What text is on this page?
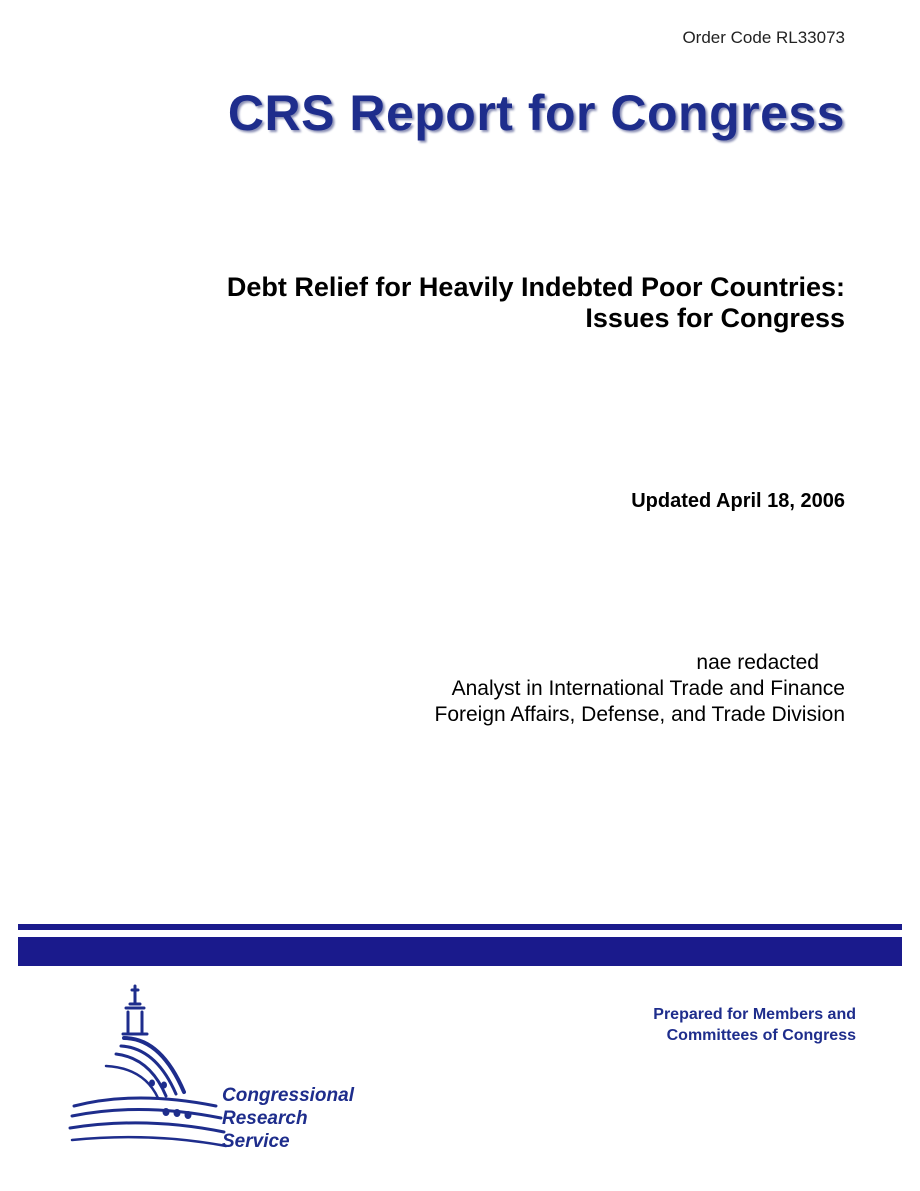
Order Code RL33073
CRS Report for Congress
Debt Relief for Heavily Indebted Poor Countries:
Issues for Congress
Updated April 18, 2006
nae redacted
Analyst in International Trade and Finance
Foreign Affairs, Defense, and Trade Division
Prepared for Members and
Committees of Congress
Congressional
Research
Service
